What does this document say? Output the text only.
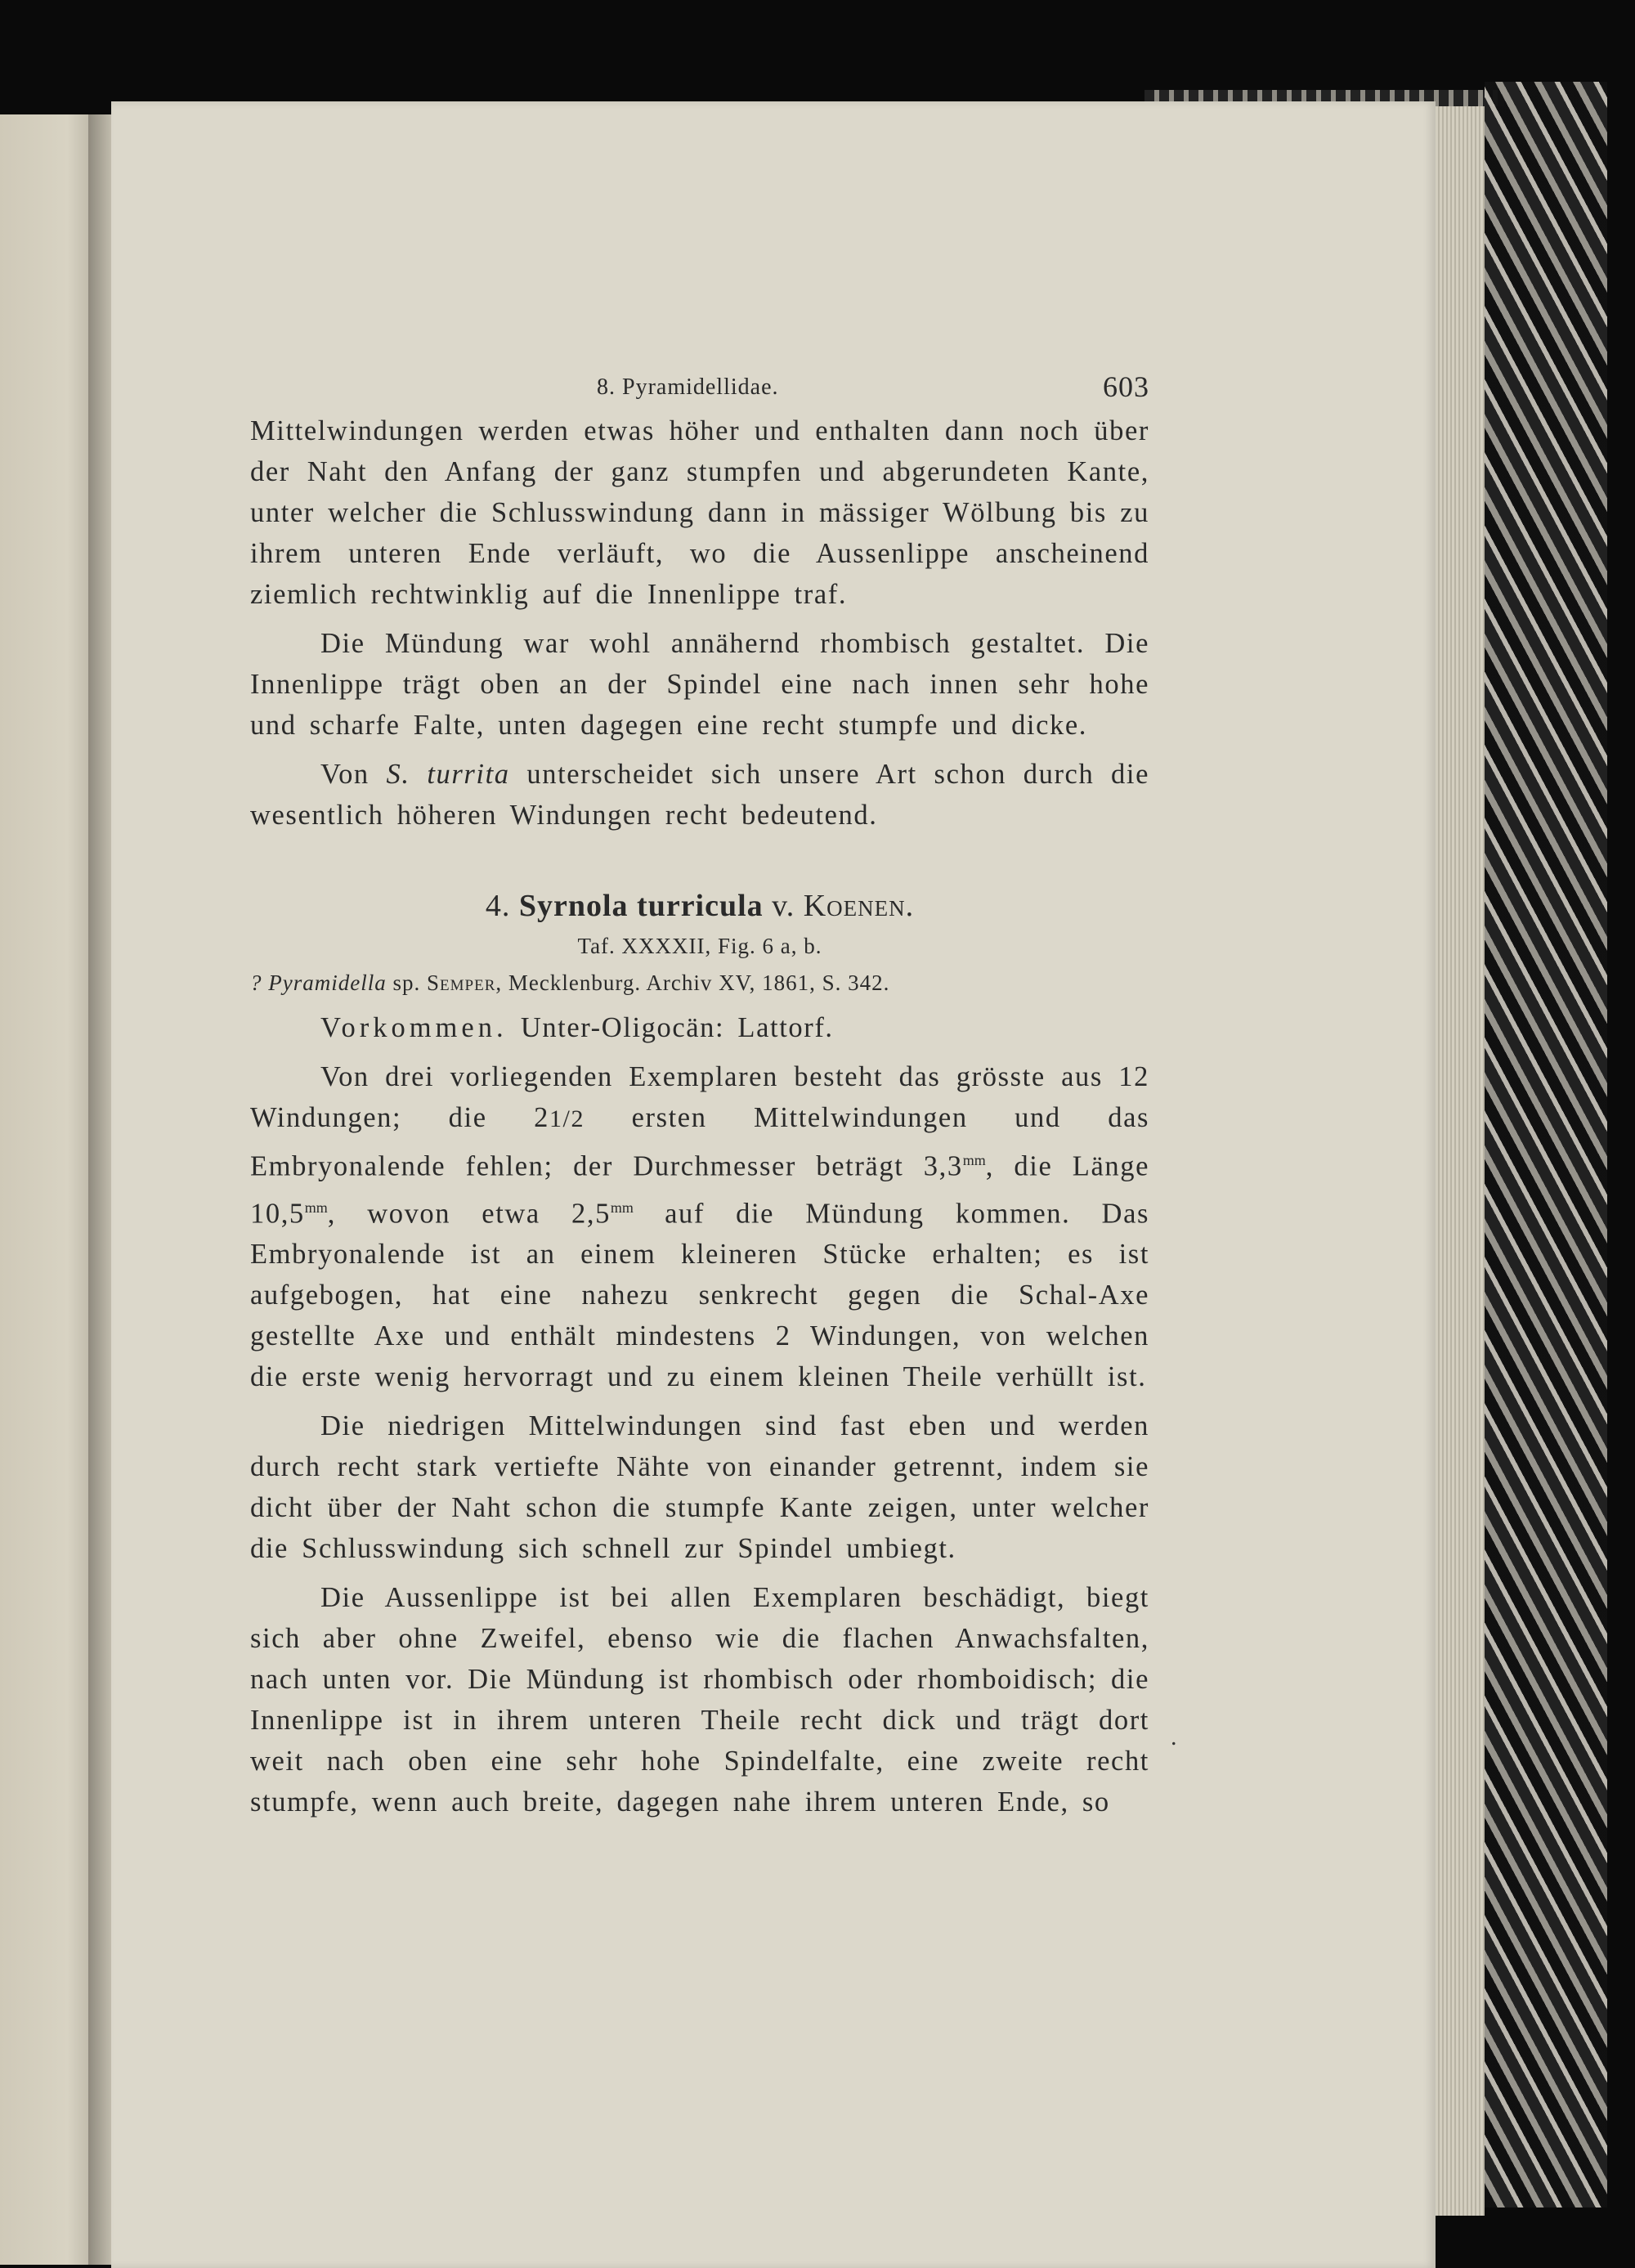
8. Pyramidellidae.	603

Mittelwindungen werden etwas höher und enthalten dann noch über der Naht den Anfang der ganz stumpfen und abgerundeten Kante, unter welcher die Schlusswindung dann in mässiger Wölbung bis zu ihrem unteren Ende verläuft, wo die Aussenlippe anscheinend ziemlich rechtwinklig auf die Innenlippe traf.

Die Mündung war wohl annähernd rhombisch gestaltet. Die Innenlippe trägt oben an der Spindel eine nach innen sehr hohe und scharfe Falte, unten dagegen eine recht stumpfe und dicke.

Von S. turrita unterscheidet sich unsere Art schon durch die wesentlich höheren Windungen recht bedeutend.

4. Syrnola turricula v. Koenen.
Taf. XXXXII, Fig. 6 a, b.
? Pyramidella sp. Semper, Mecklenburg. Archiv XV, 1861, S. 342.

Vorkommen. Unter-Oligocän: Lattorf.

Von drei vorliegenden Exemplaren besteht das grösste aus 12 Windungen; die 21/2 ersten Mittelwindungen und das Embryonalende fehlen; der Durchmesser beträgt $3,3^{mm}$, die Länge $10,5^{mm}$, wovon etwa $2,5^{mm}$ auf die Mündung kommen. Das Embryonalende ist an einem kleineren Stücke erhalten; es ist aufgebogen, hat eine nahezu senkrecht gegen die Schal-Axe gestellte Axe und enthält mindestens 2 Windungen, von welchen die erste wenig hervorragt und zu einem kleinen Theile verhüllt ist.

Die niedrigen Mittelwindungen sind fast eben und werden durch recht stark vertiefte Nähte von einander getrennt, indem sie dicht über der Naht schon die stumpfe Kante zeigen, unter welcher die Schlusswindung sich schnell zur Spindel umbiegt.

Die Aussenlippe ist bei allen Exemplaren beschädigt, biegt sich aber ohne Zweifel, ebenso wie die flachen Anwachsfalten, nach unten vor. Die Mündung ist rhombisch oder rhomboidisch; die Innenlippe ist in ihrem unteren Theile recht dick und trägt dort weit nach oben eine sehr hohe Spindelfalte, eine zweite recht stumpfe, wenn auch breite, dagegen nahe ihrem unteren Ende, so

.
